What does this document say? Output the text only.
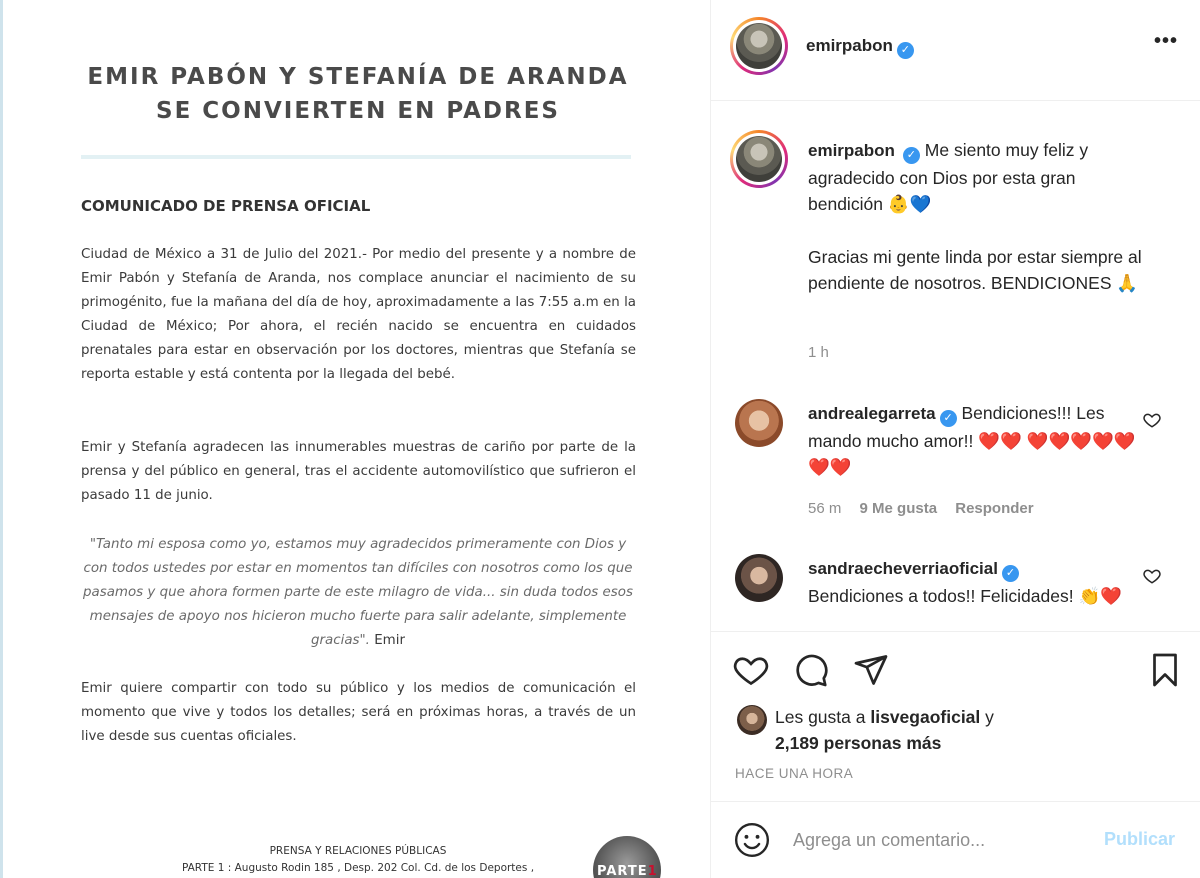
EMIR PABÓN Y STEFANÍA DE ARANDA
SE CONVIERTEN EN PADRES
COMUNICADO DE PRENSA OFICIAL
Ciudad de México a 31 de Julio del 2021.- Por medio del presente y a nombre de Emir Pabón y Stefanía de Aranda, nos complace anunciar el nacimiento de su primogénito, fue la mañana del día de hoy, aproximadamente a las 7:55 a.m en la Ciudad de México; Por ahora, el recién nacido se encuentra en cuidados prenatales para estar en observación por los doctores, mientras que Stefanía se reporta estable y está contenta por la llegada del bebé.
Emir y Stefanía agradecen las innumerables muestras de cariño por parte de la prensa y del público en general, tras el accidente automovilístico que sufrieron el pasado 11 de junio.
"Tanto mi esposa como yo, estamos muy agradecidos primeramente con Dios y con todos ustedes por estar en momentos tan difíciles con nosotros como los que pasamos y que ahora formen parte de este milagro de vida... sin duda todos esos mensajes de apoyo nos hicieron mucho fuerte para salir adelante, simplemente gracias". Emir
Emir quiere compartir con todo su público y los medios de comunicación el momento que vive y todos los detalles; será en próximas horas, a través de un live desde sus cuentas oficiales.
PRENSA Y RELACIONES PÚBLICAS
PARTE 1 : Augusto Rodin 185 , Desp. 202 Col. Cd. de los Deportes ,	PARTE1
emirpabon ✓	•••
emirpabon ✓ Me siento muy feliz y agradecido con Dios por esta gran bendición 👶💙
Gracias mi gente linda por estar siempre al pendiente de nosotros. BENDICIONES 🙏
1 h
andrealegarreta ✓ Bendiciones!!! Les mando mucho amor!! ❤️❤️ ❤️❤️❤️❤️❤️❤️❤️
56 m 9 Me gusta Responder
sandraecheverriaoficial ✓
Bendiciones a todos!! Felicidades! 👏❤️
Les gusta a lisvegaoficial y
2,189 personas más
HACE UNA HORA
Agrega un comentario...
Publicar
